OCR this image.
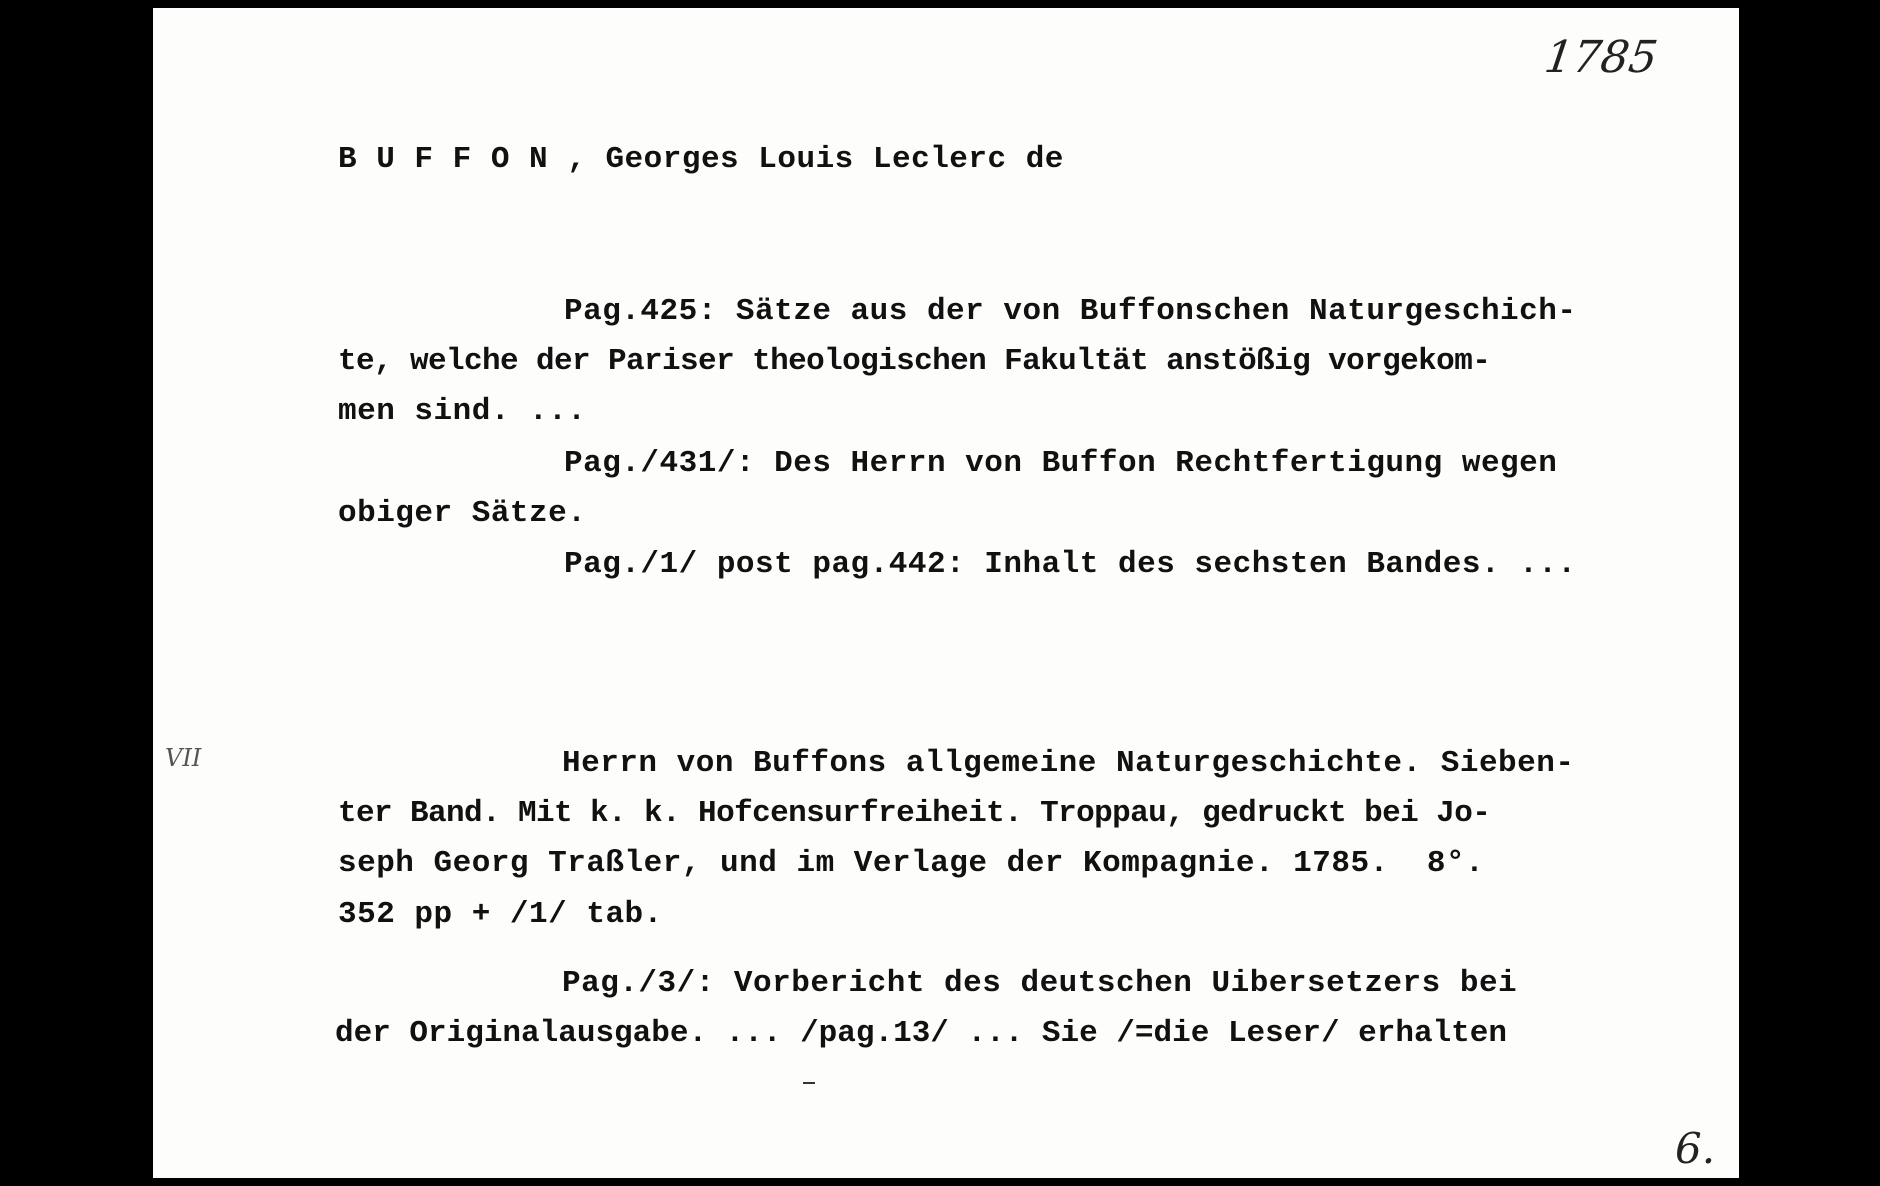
1785
B U F F O N , Georges Louis Leclerc de
Pag.425: Sätze aus der von Buffonschen Naturgeschich-
te, welche der Pariser theologischen Fakultät anstößig vorgekom-
men sind. ...
Pag./431/: Des Herrn von Buffon Rechtfertigung wegen
obiger Sätze.
Pag./1/ post pag.442: Inhalt des sechsten Bandes. ...
VII	Herrn von Buffons allgemeine Naturgeschichte. Sieben-
ter Band. Mit k. k. Hofcensurfreiheit. Troppau, gedruckt bei Jo-
seph Georg Traßler, und im Verlage der Kompagnie. 1785.  8°.
352 pp + /1/ tab.
Pag./3/: Vorbericht des deutschen Uibersetzers bei
der Originalausgabe. ... /pag.13/ ... Sie /=die Leser/ erhalten
6.
